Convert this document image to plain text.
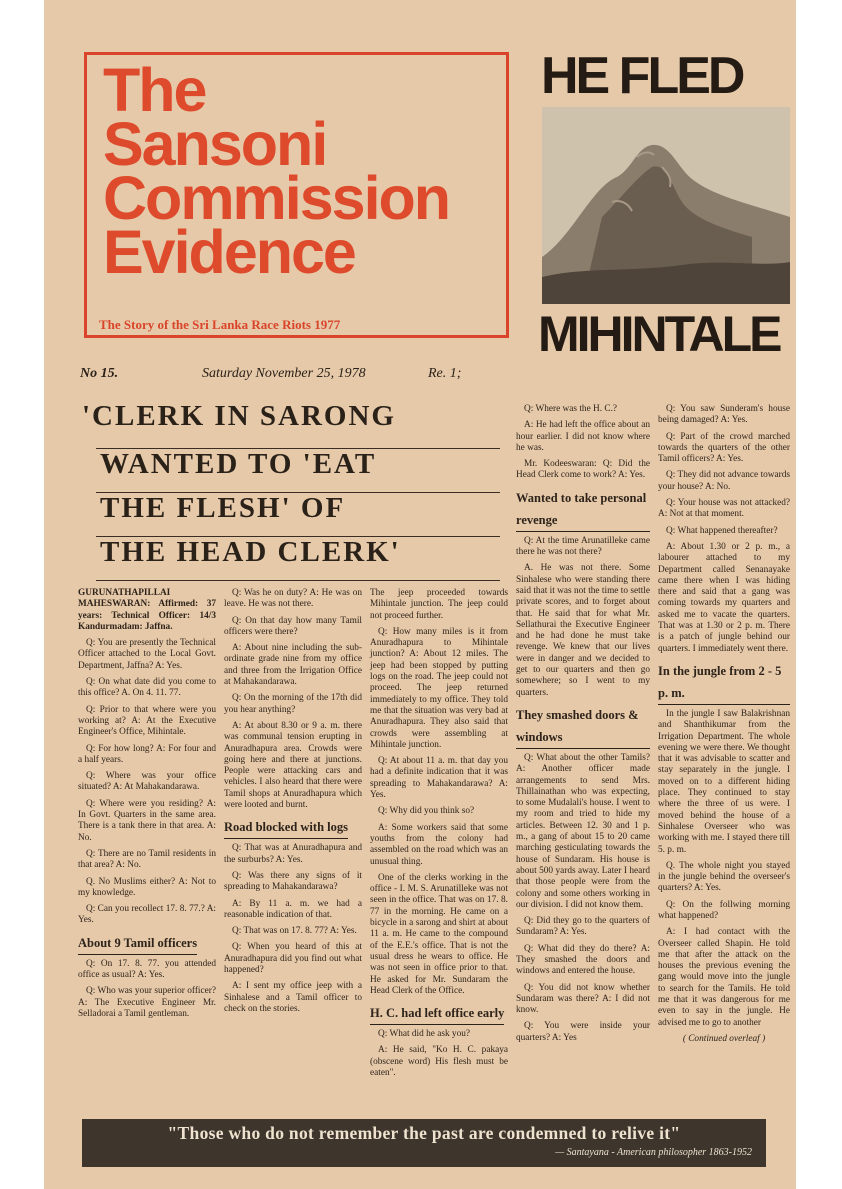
The
Sansoni
Commission
Evidence
The Story of the Sri Lanka Race Riots 1977
HE FLED
MIHINTALE
No 15.	Saturday November 25, 1978	Re. 1;
'CLERK IN SARONG
WANTED TO 'EAT
THE FLESH' OF
THE HEAD CLERK'

GURUNATHAPILLAI MAHESWARAN: Affirmed: 37 years: Technical Officer: 14/3 Kandurmadam: Jaffna.

Q: You are presently the Technical Officer attached to the Local Govt. Department, Jaffna? A: Yes.

Q: On what date did you come to this office? A. On 4. 11. 77.

Q: Prior to that where were you working at? A: At the Executive Engineer's Office, Mihintale.

Q: For how long? A: For four and a half years.

Q: Where was your office situated? A: At Mahakandarawa.

Q: Where were you residing? A: In Govt. Quarters in the same area. There is a tank there in that area. A: No.

Q: There are no Tamil residents in that area? A: No.

Q. No Muslims either? A: Not to my knowledge.

Q: Can you recollect 17. 8. 77.? A: Yes.

About 9 Tamil officers

Q: On 17. 8. 77. you attended office as usual? A: Yes.

Q: Who was your superior officer? A: The Executive Engineer Mr. Selladorai a Tamil gentleman.

Q: Was he on duty? A: He was on leave. He was not there.

Q: On that day how many Tamil officers were there?

A: About nine including the sub-ordinate grade nine from my office and three from the Irrigation Office at Mahakandarawa.

Q: On the morning of the 17th did you hear anything?

A: At about 8.30 or 9 a. m. there was communal tension erupting in Anuradhapura area. Crowds were going here and there at junctions. People were attacking cars and vehicles. I also heard that there were Tamil shops at Anuradhapura which were looted and burnt.

Road blocked with logs

Q: That was at Anuradhapura and the surburbs? A: Yes.

Q: Was there any signs of it spreading to Mahakandarawa?

A: By 11 a. m. we had a reasonable indication of that.

Q: That was on 17. 8. 77? A: Yes.

Q: When you heard of this at Anuradhapura did you find out what happened?

A: I sent my office jeep with a Sinhalese and a Tamil officer to check on the stories.

The jeep proceeded towards Mihintale junction. The jeep could not proceed further.

Q: How many miles is it from Anuradhapura to Mihintale junction? A: About 12 miles. The jeep had been stopped by putting logs on the road. The jeep could not proceed. The jeep returned immediately to my office. They told me that the situation was very bad at Anuradhapura. They also said that crowds were assembling at Mihintale junction.

Q: At about 11 a. m. that day you had a definite indication that it was spreading to Mahakandarawa? A: Yes.

Q: Why did you think so?

A: Some workers said that some youths from the colony had assembled on the road which was an unusual thing.

One of the clerks working in the office - I. M. S. Arunatilleke was not seen in the office. That was on 17. 8. 77 in the morning. He came on a bicycle in a sarong and shirt at about 11 a. m. He came to the compound of the E.E.'s office. That is not the usual dress he wears to office. He was not seen in office prior to that. He asked for Mr. Sundaram the Head Clerk of the Office.

H. C. had left office early

Q: What did he ask you?

A: He said, "Ko H. C. pakaya (obscene word) His flesh must be eaten".

Q: Where was the H. C.?

A: He had left the office about an hour earlier. I did not know where he was.

Mr. Kodeeswaran: Q: Did the Head Clerk come to work? A: Yes.

Wanted to take personal revenge

Q: At the time Arunatilleke came there he was not there?

A. He was not there. Some Sinhalese who were standing there said that it was not the time to settle private scores, and to forget about that. He said that for what Mr. Sellathurai the Executive Engineer and he had done he must take revenge. We knew that our lives were in danger and we decided to get to our quarters and then go somewhere; so I went to my quarters.

They smashed doors & windows

Q: What about the other Tamils? A: Another officer made arrangements to send Mrs. Thillainathan who was expecting, to some Mudalali's house. I went to my room and tried to hide my articles. Between 12. 30 and 1 p. m., a gang of about 15 to 20 came marching gesticulating towards the house of Sundaram. His house is about 500 yards away. Later I heard that those people were from the colony and some others working in our division. I did not know them.

Q: Did they go to the quarters of Sundaram? A: Yes.

Q: What did they do there? A: They smashed the doors and windows and entered the house.

Q: You did not know whether Sundaram was there? A: I did not know.

Q: You were inside your quarters? A: Yes

Q: You saw Sunderam's house being damaged? A: Yes.

Q: Part of the crowd marched towards the quarters of the other Tamil officers? A: Yes.

Q: They did not advance towards your house? A: No.

Q: Your house was not attacked? A: Not at that moment.

Q: What happened thereafter?

A: About 1.30 or 2 p. m., a labourer attached to my Department called Senanayake came there when I was hiding there and said that a gang was coming towards my quarters and asked me to vacate the quarters. That was at 1.30 or 2 p. m. There is a patch of jungle behind our quarters. I immediately went there.

In the jungle from 2 - 5 p. m.

In the jungle I saw Balakrishnan and Shanthikumar from the Irrigation Department. The whole evening we were there. We thought that it was advisable to scatter and stay separately in the jungle. I moved on to a different hiding place. They continued to stay where the three of us were. I moved behind the house of a Sinhalese Overseer who was working with me. I stayed there till 5. p. m.

Q. The whole night you stayed in the jungle behind the overseer's quarters? A: Yes.

Q: On the follwing morning what happened?

A: I had contact with the Overseer called Shapin. He told me that after the attack on the houses the previous evening the gang would move into the jungle to search for the Tamils. He told me that it was dangerous for me even to say in the jungle. He advised me to go to another

( Continued overleaf )

"Those who do not remember the past are condemned to relive it"
— Santayana - American philosopher 1863-1952
